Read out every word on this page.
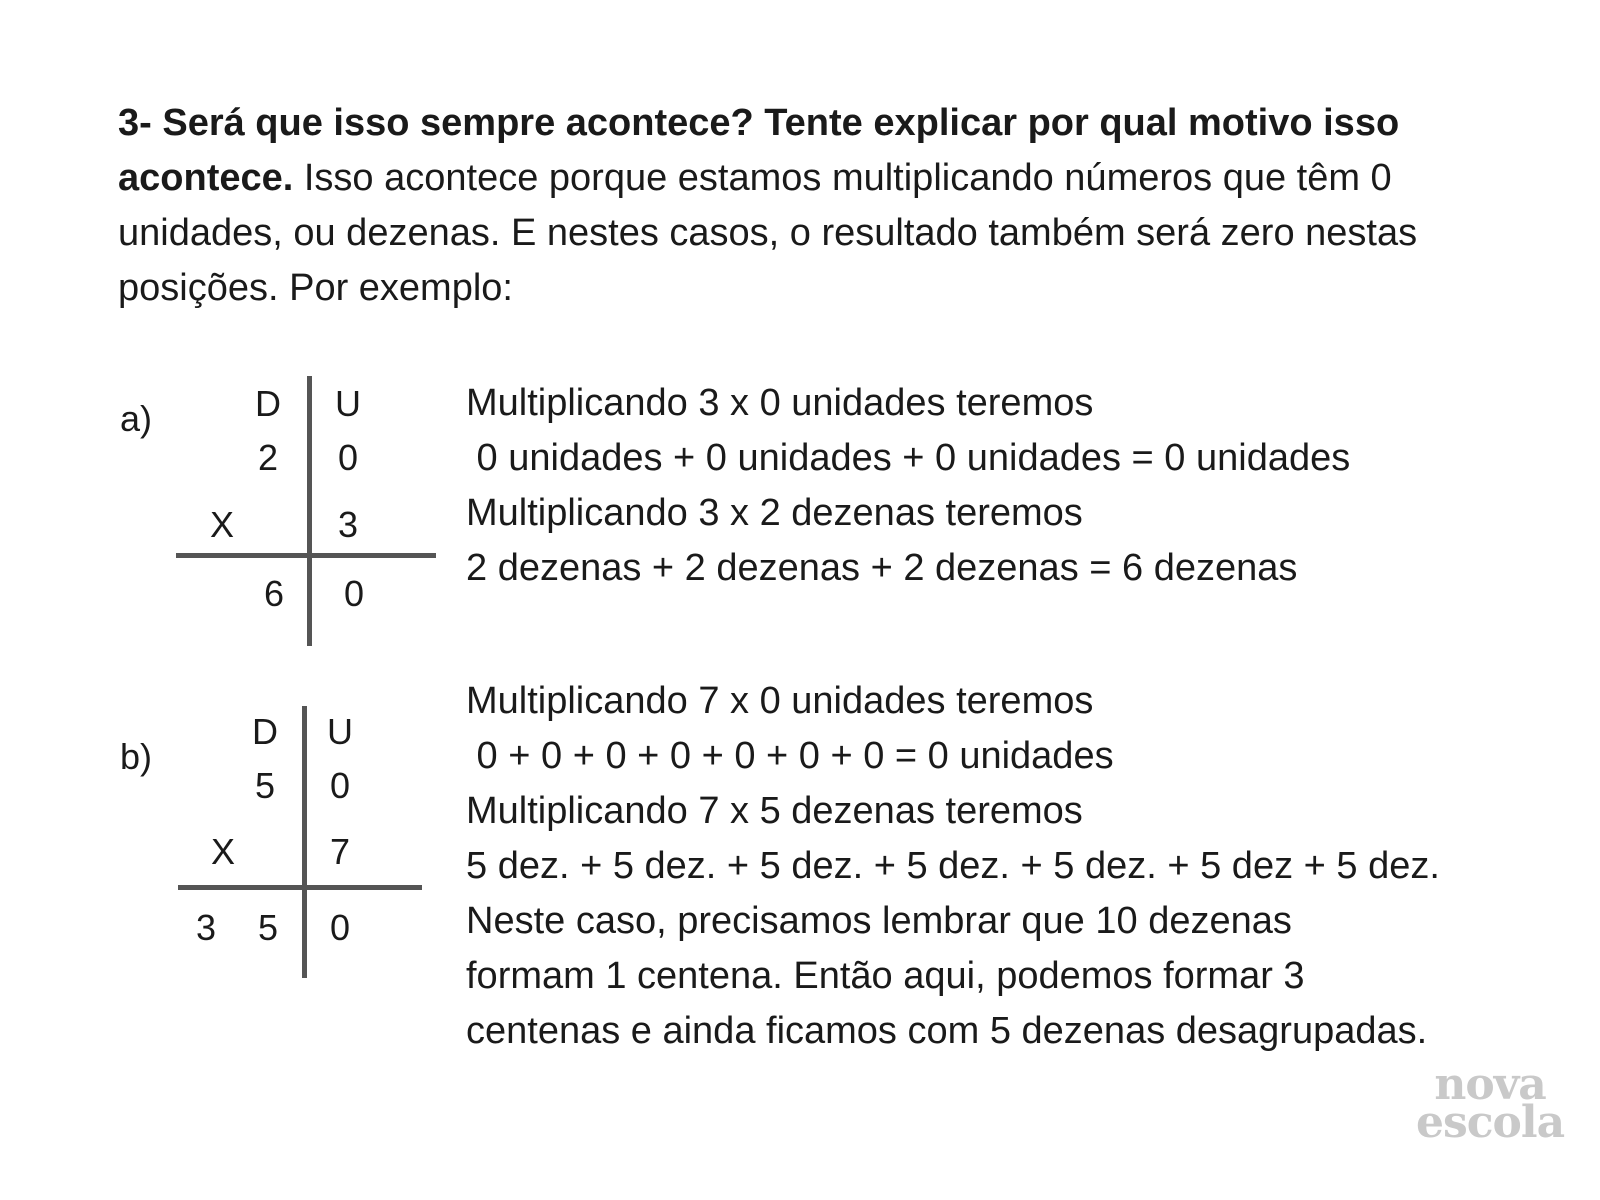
3- Será que isso sempre acontece? Tente explicar por qual motivo isso acontece. Isso acontece porque estamos multiplicando números que têm 0 unidades, ou dezenas. E nestes casos, o resultado também será zero nestas posições. Por exemplo:

a)	D U
2 0
X	3
6 0
Multiplicando 3 x 0 unidades teremos
0 unidades + 0 unidades + 0 unidades = 0 unidades
Multiplicando 3 x 2 dezenas teremos
2 dezenas + 2 dezenas + 2 dezenas = 6 dezenas
b)
D U
5 0
X	7
3 5 0
Multiplicando 7 x 0 unidades teremos
0 + 0 + 0 + 0 + 0 + 0 + 0 = 0 unidades
Multiplicando 7 x 5 dezenas teremos
5 dez. + 5 dez. + 5 dez. + 5 dez. + 5 dez. + 5 dez + 5 dez.
Neste caso, precisamos lembrar que 10 dezenas
formam 1 centena. Então aqui, podemos formar 3
centenas e ainda ficamos com 5 dezenas desagrupadas.
nova
escola
